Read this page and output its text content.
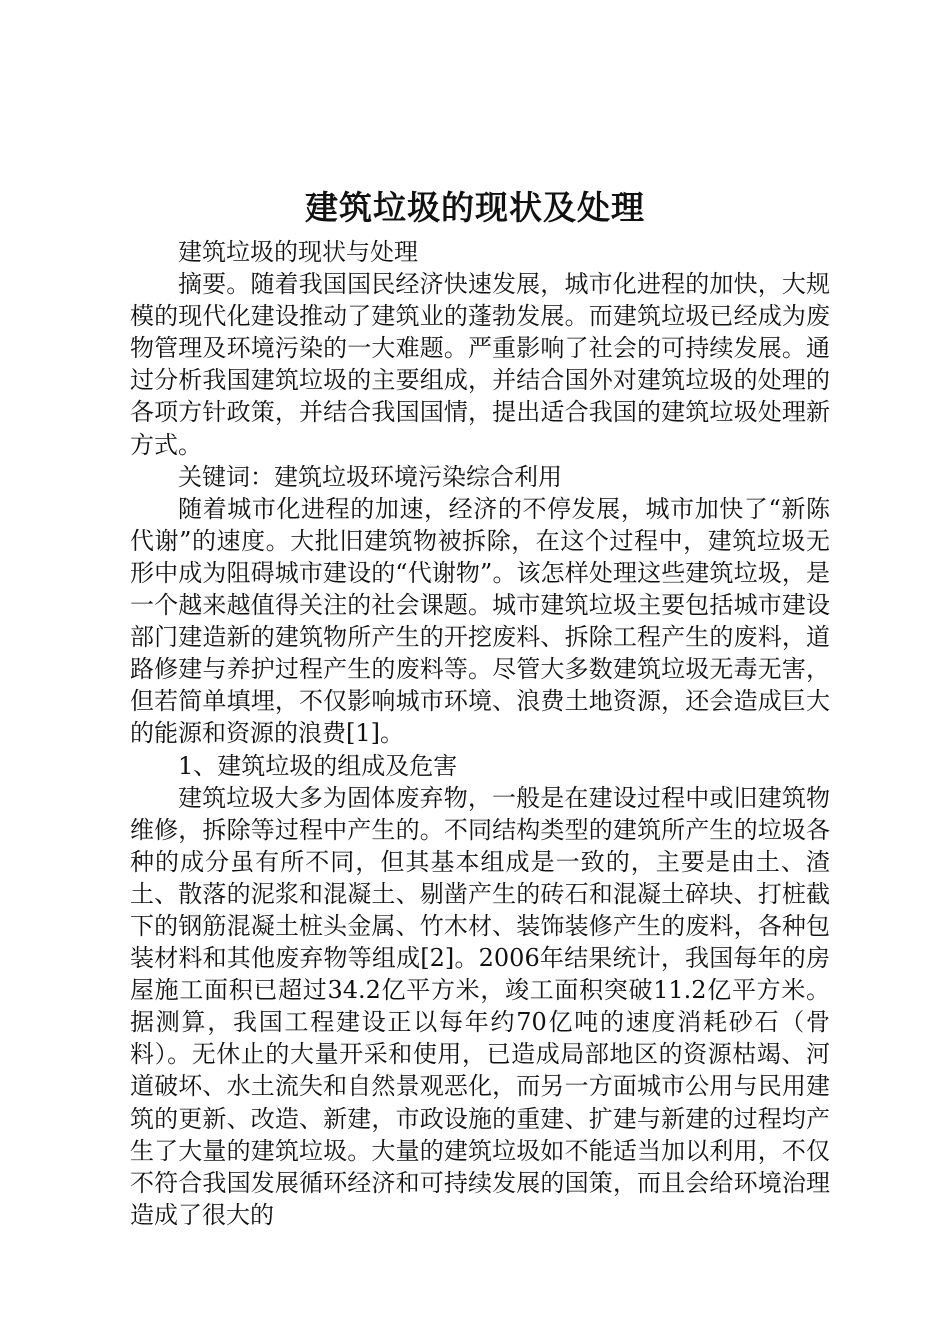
建筑垃圾的现状及处理

建筑垃圾的现状与处理

摘要。随着我国国民经济快速发展，城市化进程的加快，大规模的现代化建设推动了建筑业的蓬勃发展。而建筑垃圾已经成为废物管理及环境污染的一大难题。严重影响了社会的可持续发展。通过分析我国建筑垃圾的主要组成，并结合国外对建筑垃圾的处理的各项方针政策，并结合我国国情，提出适合我国的建筑垃圾处理新方式。

关键词：建筑垃圾环境污染综合利用

随着城市化进程的加速，经济的不停发展，城市加快了“新陈代谢”的速度。大批旧建筑物被拆除，在这个过程中，建筑垃圾无形中成为阻碍城市建设的“代谢物”。该怎样处理这些建筑垃圾，是一个越来越值得关注的社会课题。城市建筑垃圾主要包括城市建设部门建造新的建筑物所产生的开挖废料、拆除工程产生的废料，道路修建与养护过程产生的废料等。尽管大多数建筑垃圾无毒无害，但若简单填埋，不仅影响城市环境、浪费土地资源，还会造成巨大的能源和资源的浪费[1]。

1、建筑垃圾的组成及危害

建筑垃圾大多为固体废弃物，一般是在建设过程中或旧建筑物维修，拆除等过程中产生的。不同结构类型的建筑所产生的垃圾各种的成分虽有所不同，但其基本组成是一致的，主要是由土、渣土、散落的泥浆和混凝土、剔凿产生的砖石和混凝土碎块、打桩截下的钢筋混凝土桩头金属、竹木材、装饰装修产生的废料，各种包装材料和其他废弃物等组成[2]。2006年结果统计，我国每年的房屋施工面积已超过34.2亿平方米，竣工面积突破11.2亿平方米。据测算，我国工程建设正以每年约70亿吨的速度消耗砂石（骨料）。无休止的大量开采和使用，已造成局部地区的资源枯竭、河道破坏、水土流失和自然景观恶化，而另一方面城市公用与民用建筑的更新、改造、新建，市政设施的重建、扩建与新建的过程均产生了大量的建筑垃圾。大量的建筑垃圾如不能适当加以利用，不仅不符合我国发展循环经济和可持续发展的国策，而且会给环境治理造成了很大的
